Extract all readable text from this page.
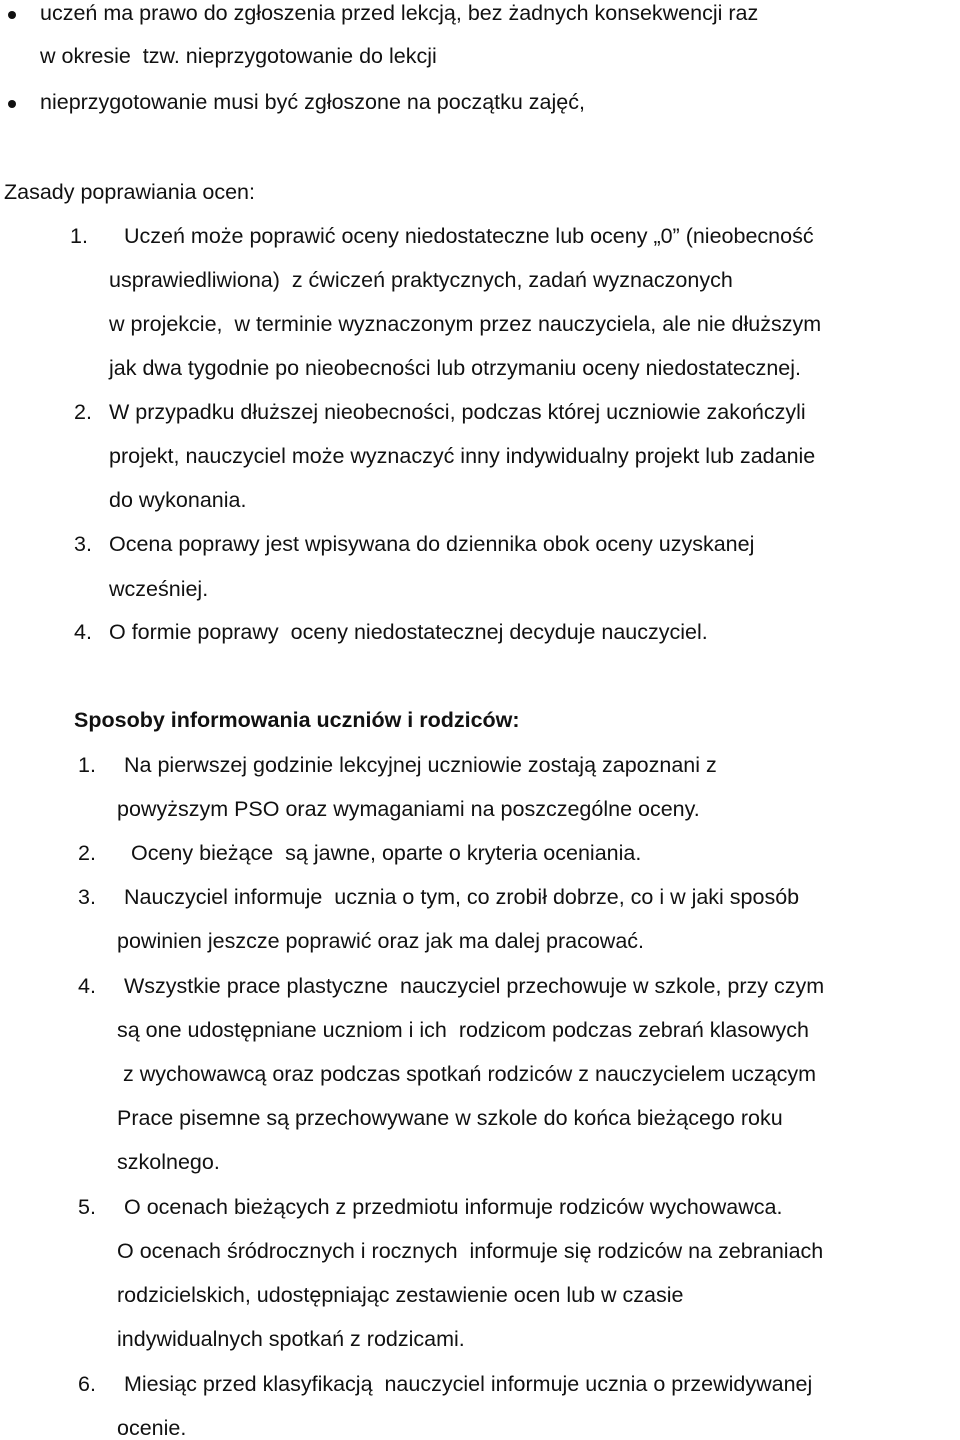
uczeń ma prawo do zgłoszenia przed lekcją, bez żadnych konsekwencji raz
w okresie  tzw. nieprzygotowanie do lekcji
nieprzygotowanie musi być zgłoszone na początku zajęć,
Zasady poprawiania ocen:
1. Uczeń może poprawić oceny niedostateczne lub oceny „0” (nieobecność
usprawiedliwiona)  z ćwiczeń praktycznych, zadań wyznaczonych
w projekcie,  w terminie wyznaczonym przez nauczyciela, ale nie dłuższym
jak dwa tygodnie po nieobecności lub otrzymaniu oceny niedostatecznej.
2. W przypadku dłuższej nieobecności, podczas której uczniowie zakończyli
projekt, nauczyciel może wyznaczyć inny indywidualny projekt lub zadanie
do wykonania.
3. Ocena poprawy jest wpisywana do dziennika obok oceny uzyskanej
wcześniej.
4. O formie poprawy  oceny niedostatecznej decyduje nauczyciel.
Sposoby informowania uczniów i rodziców:
1. Na pierwszej godzinie lekcyjnej uczniowie zostają zapoznani z
powyższym PSO oraz wymaganiami na poszczególne oceny.
2. Oceny bieżące  są jawne, oparte o kryteria oceniania.
3. Nauczyciel informuje  ucznia o tym, co zrobił dobrze, co i w jaki sposób
powinien jeszcze poprawić oraz jak ma dalej pracować.
4. Wszystkie prace plastyczne  nauczyciel przechowuje w szkole, przy czym
są one udostępniane uczniom i ich  rodzicom podczas zebrań klasowych
z wychowawcą oraz podczas spotkań rodziców z nauczycielem uczącym
Prace pisemne są przechowywane w szkole do końca bieżącego roku
szkolnego.
5. O ocenach bieżących z przedmiotu informuje rodziców wychowawca.
O ocenach śródrocznych i rocznych  informuje się rodziców na zebraniach
rodzicielskich, udostępniając zestawienie ocen lub w czasie
indywidualnych spotkań z rodzicami.
6. Miesiąc przed klasyfikacją  nauczyciel informuje ucznia o przewidywanej
ocenie.
